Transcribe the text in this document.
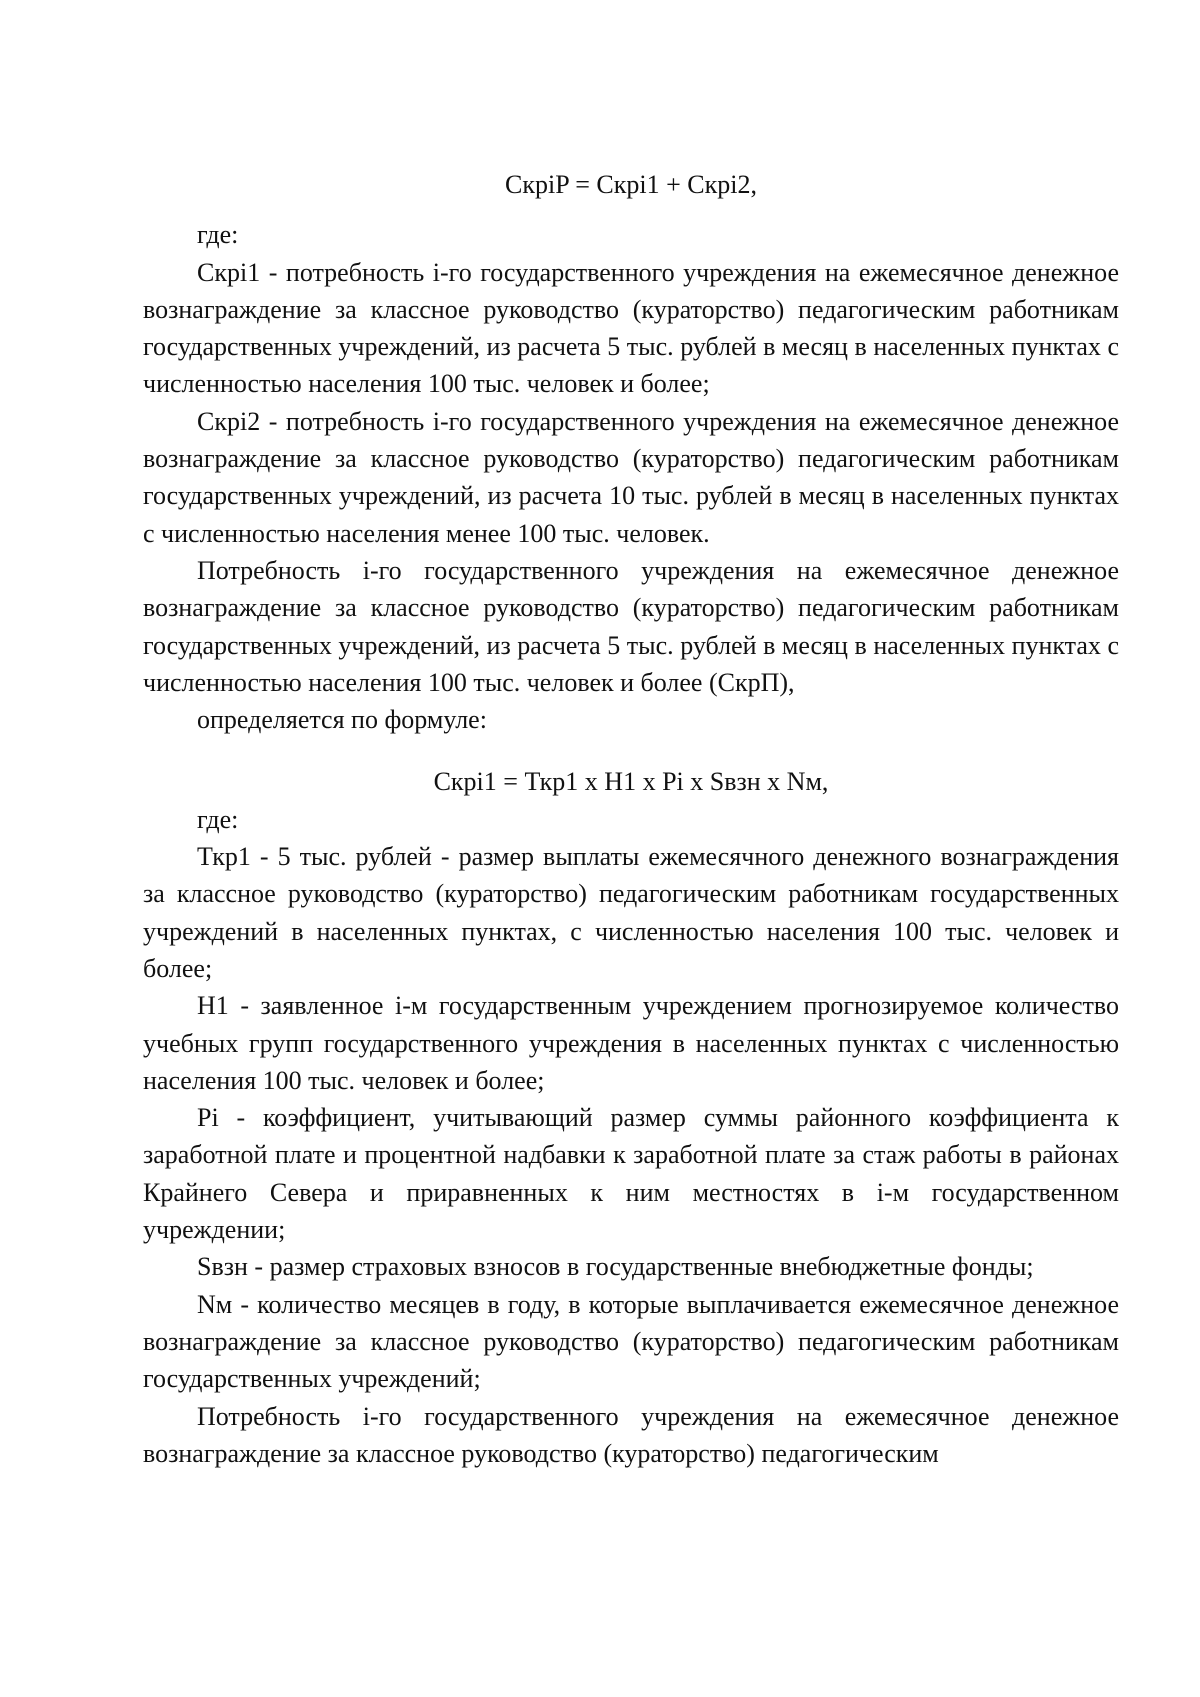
СкрiP = Скрi1 + Скрi2,

где:

Скрi1 - потребность i-го государственного учреждения на ежемесячное денежное вознаграждение за классное руководство (кураторство) педагогическим работникам государственных учреждений, из расчета 5 тыс. рублей в месяц в населенных пунктах с численностью населения 100 тыс. человек и более;

Скрi2 - потребность i-го государственного учреждения на ежемесячное денежное вознаграждение за классное руководство (кураторство) педагогическим работникам государственных учреждений, из расчета 10 тыс. рублей в месяц в населенных пунктах с численностью населения менее 100 тыс. человек.

Потребность i-го государственного учреждения на ежемесячное денежное вознаграждение за классное руководство (кураторство) педагогическим работникам государственных учреждений, из расчета 5 тыс. рублей в месяц в населенных пунктах с численностью населения 100 тыс. человек и более (СкрП),

определяется по формуле:

Скрi1 = Ткр1 x H1 x Pi x Sвзн x Nм,

где:

Ткр1 - 5 тыс. рублей - размер выплаты ежемесячного денежного вознаграждения за классное руководство (кураторство) педагогическим работникам государственных учреждений в населенных пунктах, с численностью населения 100 тыс. человек и более;

H1 - заявленное i-м государственным учреждением прогнозируемое количество учебных групп государственного учреждения в населенных пунктах с численностью населения 100 тыс. человек и более;

Pi - коэффициент, учитывающий размер суммы районного коэффициента к заработной плате и процентной надбавки к заработной плате за стаж работы в районах Крайнего Севера и приравненных к ним местностях в i-м государственном учреждении;

Sвзн - размер страховых взносов в государственные внебюджетные фонды;

Nм - количество месяцев в году, в которые выплачивается ежемесячное денежное вознаграждение за классное руководство (кураторство) педагогическим работникам государственных учреждений;

Потребность i-го государственного учреждения на ежемесячное денежное вознаграждение за классное руководство (кураторство) педагогическим
